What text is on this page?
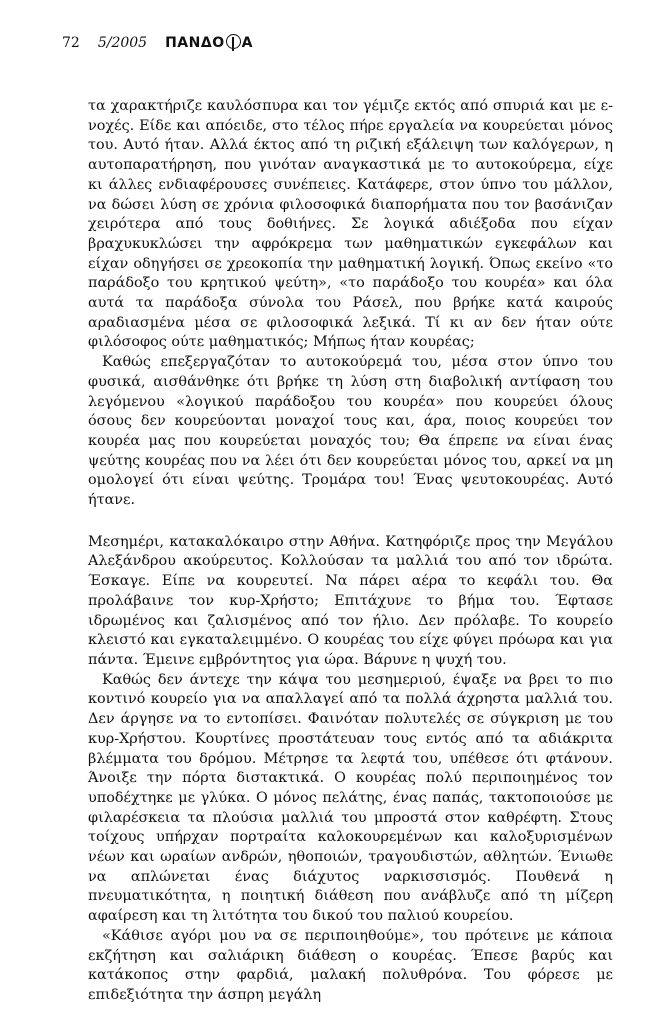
72 5/2005 ΠΑΝΔΟ Α

τα χαρακτήριζε καυλόσπυρα και τον γέμιζε εκτός από σπυριά και με ενοχές. Είδε και απόειδε, στο τέλος πήρε εργαλεία να κουρεύεται μόνος του. Αυτό ήταν. Αλλά έκτος από τη ριζική εξάλειψη των καλόγερων, η αυτοπαρατήρηση, που γινόταν αναγκαστικά με το αυτοκούρεμα, είχε κι άλλες ενδιαφέρουσες συνέπειες. Κατάφερε, στον ύπνο του μάλλον, να δώσει λύση σε χρόνια φιλοσοφικά διαπορήματα που τον βασάνιζαν χειρότερα από τους δοθιήνες. Σε λογικά αδιέξοδα που είχαν βραχυκυκλώσει την αφρόκρεμα των μαθηματικών εγκεφάλων και είχαν οδηγήσει σε χρεοκοπία την μαθηματική λογική. Όπως εκείνο «το παράδοξο του κρητικού ψεύτη», «το παράδοξο του κουρέα» και όλα αυτά τα παράδοξα σύνολα του Ράσελ, που βρήκε κατά καιρούς αραδιασμένα μέσα σε φιλοσοφικά λεξικά. Τί κι αν δεν ήταν ούτε φιλόσοφος ούτε μαθηματικός; Μήπως ήταν κουρέας;

Καθώς επεξεργαζόταν το αυτοκούρεμά του, μέσα στον ύπνο του φυσικά, αισθάνθηκε ότι βρήκε τη λύση στη διαβολική αντίφαση του λεγόμενου «λογικού παράδοξου του κουρέα» που κουρεύει όλους όσους δεν κουρεύονται μοναχοί τους και, άρα, ποιος κουρεύει τον κουρέα μας που κουρεύεται μοναχός του; Θα έπρεπε να είναι ένας ψεύτης κουρέας που να λέει ότι δεν κουρεύεται μόνος του, αρκεί να μη ομολογεί ότι είναι ψεύτης. Τρομάρα του! Ένας ψευτοκουρέας. Αυτό ήτανε.

Μεσημέρι, κατακαλόκαιρο στην Αθήνα. Κατηφόριζε προς την Μεγάλου Αλεξάνδρου ακούρευτος. Κολλούσαν τα μαλλιά του από τον ιδρώτα. Έσκαγε. Είπε να κουρευτεί. Να πάρει αέρα το κεφάλι του. Θα προλάβαινε τον κυρ-Χρήστο; Επιτάχυνε το βήμα του. Έφτασε ιδρωμένος και ζαλισμένος από τον ήλιο. Δεν πρόλαβε. Το κουρείο κλειστό και εγκαταλειμμένο. Ο κουρέας του είχε φύγει πρόωρα και για πάντα. Έμεινε εμβρόντητος για ώρα. Βάρυνε η ψυχή του.

Καθώς δεν άντεχε την κάψα του μεσημεριού, έψαξε να βρει το πιο κοντινό κουρείο για να απαλλαγεί από τα πολλά άχρηστα μαλλιά του. Δεν άργησε να το εντοπίσει. Φαινόταν πολυτελές σε σύγκριση με του κυρ-Χρήστου. Κουρτίνες προστάτευαν τους εντός από τα αδιάκριτα βλέμματα του δρόμου. Μέτρησε τα λεφτά του, υπέθεσε ότι φτάνουν. Άνοιξε την πόρτα διστακτικά. Ο κουρέας πολύ περιποιημένος τον υποδέχτηκε με γλύκα. Ο μόνος πελάτης, ένας παπάς, τακτοποιούσε με φιλαρέσκεια τα πλούσια μαλλιά του μπροστά στον καθρέφτη. Στους τοίχους υπήρχαν πορτραίτα καλοκουρεμένων και καλοξυρισμένων νέων και ωραίων ανδρών, ηθοποιών, τραγουδιστών, αθλητών. Ένιωθε να απλώνεται ένας διάχυτος ναρκισσισμός. Πουθενά η πνευματικότητα, η ποιητική διάθεση που ανάβλυζε από τη μίζερη αφαίρεση και τη λιτότητα του δικού του παλιού κουρείου.

«Κάθισε αγόρι μου να σε περιποιηθούμε», του πρότεινε με κάποια εκζήτηση και σαλιάρικη διάθεση ο κουρέας. Έπεσε βαρύς και κατάκοπος στην φαρδιά, μαλακή πολυθρόνα. Του φόρεσε με επιδεξιότητα την άσπρη μεγάλη
